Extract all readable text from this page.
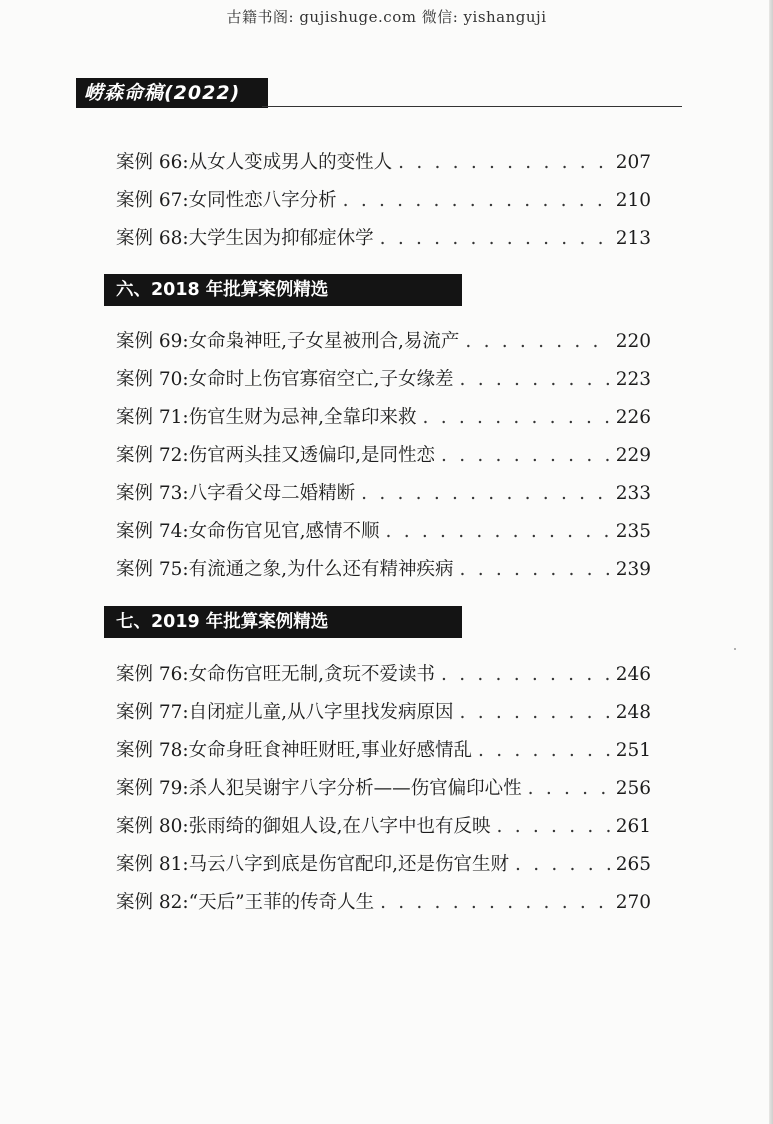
古籍书阁: gujishuge.com 微信: yishanguji
崂森命稿(2022)
案例 66: 从女人变成男人的变性人 . . .	207
案例 67: 女同性恋八字分析 . . .	210
案例 68: 大学生因为抑郁症休学 . . .	213
六、2018 年批算案例精选
案例 69: 女命枭神旺,子女星被刑合,易流产 . . .	220
案例 70: 女命时上伤官寡宿空亡,子女缘差 . . .	223
案例 71: 伤官生财为忌神,全靠印来救 . . .	226
案例 72: 伤官两头挂又透偏印,是同性恋 . . .	229
案例 73: 八字看父母二婚精断 . . .	233
案例 74: 女命伤官见官,感情不顺 . . .	235
案例 75: 有流通之象,为什么还有精神疾病 . . .	239
七、2019 年批算案例精选
案例 76: 女命伤官旺无制,贪玩不爱读书 . . .	246
案例 77: 自闭症儿童,从八字里找发病原因 . . .	248
案例 78: 女命身旺食神旺财旺,事业好感情乱 . . .	251
案例 79: 杀人犯吴谢宇八字分析——伤官偏印心性 . . .	256
案例 80: 张雨绮的御姐人设,在八字中也有反映 . . .	261
案例 81: 马云八字到底是伤官配印,还是伤官生财 . . .	265
案例 82: “天后”王菲的传奇人生 . . .	270
